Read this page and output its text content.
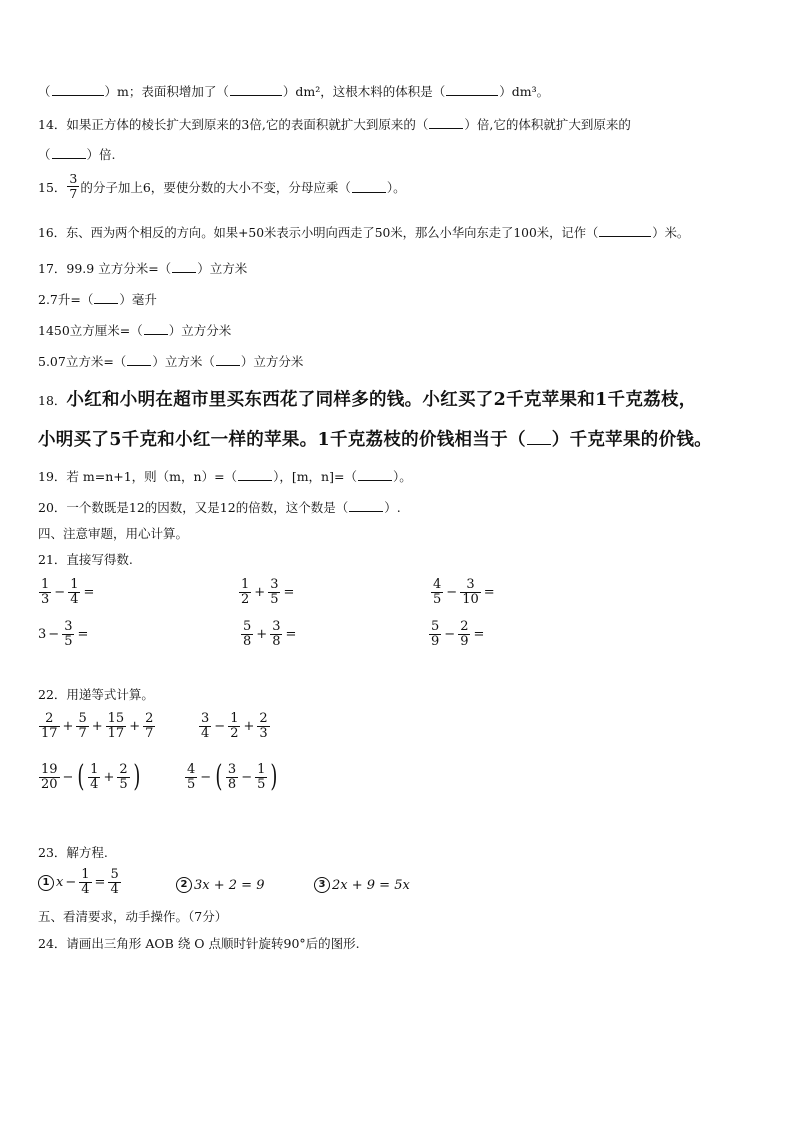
（	）m；表面积增加了（	）dm²，这根木料的体积是（	）dm³。
14．如果正方体的棱长扩大到原来的3倍,它的表面积就扩大到原来的（	）倍,它的体积就扩大到原来的
（	）倍.
15． $\frac{3}{7}$ 的分子加上6，要使分数的大小不变，分母应乘（	）。
16．东、西为两个相反的方向。如果+50米表示小明向西走了50米，那么小华向东走了100米，记作（	）米。
17．99.9 立方分米=（ ）立方米
2.7升=（ ）毫升
1450立方厘米=（ ）立方分米
5.07立方米=（ ）立方米（ ）立方分米
18．小红和小明在超市里买东西花了同样多的钱。小红买了2千克苹果和1千克荔枝，
小明买了5千克和小红一样的苹果。1千克荔枝的价钱相当于（ ）千克苹果的价钱。
19．若 m=n+1，则（m，n）=（	），[m，n]=（	）。
20．一个数既是12的因数，又是12的倍数，这个数是（	）.
四、注意审题，用心计算。
21．直接写得数.
$\frac{1}{3} - \frac{1}{4}$ =	$\frac{1}{2} + \frac{3}{5}$ =	$\frac{4}{5} - \frac{3}{10}$ =
$3 - \frac{3}{5}$ =	$\frac{5}{8} + \frac{3}{8}$ =	$\frac{5}{9} - \frac{2}{9}$ =
22．用递等式计算。
$\frac{2}{17} + \frac{5}{7} + \frac{15}{17} + \frac{2}{7}$	$\frac{3}{4} - \frac{1}{2} + \frac{2}{3}$
$\frac{19}{20}$ − ( $\frac{1}{4} + \frac{2}{5}$ )	$\frac{4}{5}$ − ( $\frac{3}{8} - \frac{1}{5}$ )
23．解方程.
1 $x - \frac{1}{4} = \frac{5}{4}$	2 3x + 2 = 9	3 2x + 9 = 5x
五、看清要求，动手操作。（7分）
24．请画出三角形 AOB 绕 O 点顺时针旋转90°后的图形.
